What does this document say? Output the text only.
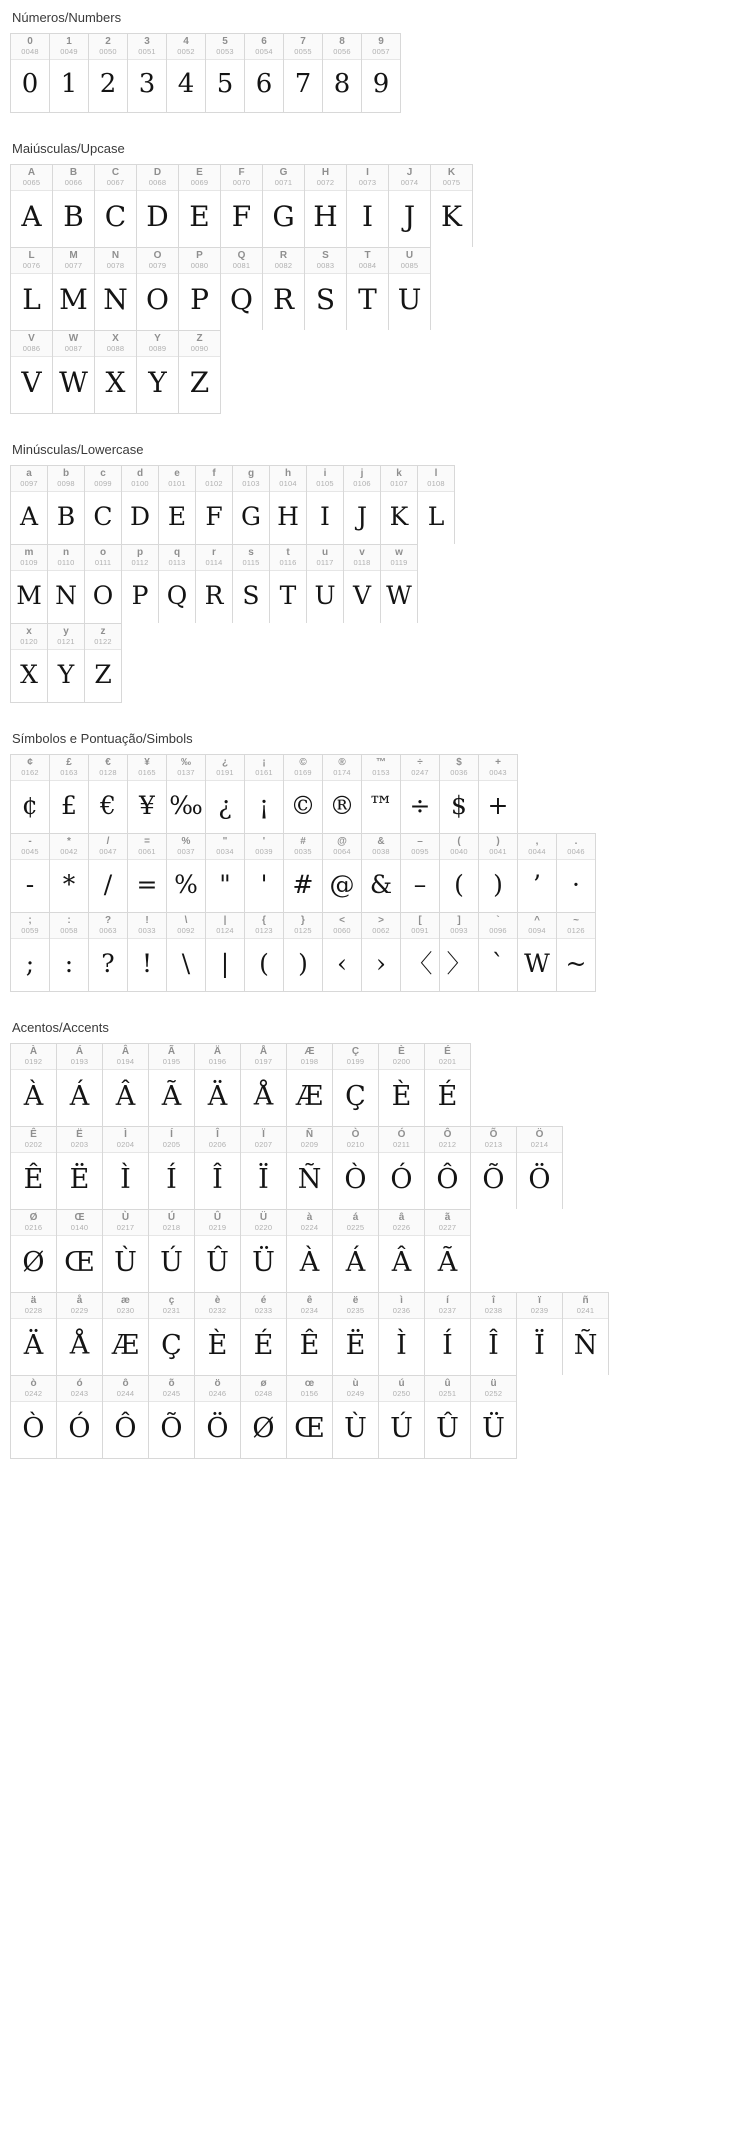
Números/Numbers
0
0048
0
1
0049
1
2
0050
2
3
0051
3
4
0052
4
5
0053
5
6
0054
6
7
0055
7
8
0056
8
9
0057
9
Maiúsculas/Upcase
A
0065
A
B
0066
B
C
0067
C
D
0068
D
E
0069
E
F
0070
F
G
0071
G
H
0072
H
I
0073
I
J
0074
J
K
0075
K
L
0076
L
M
0077
M
N
0078
N
O
0079
O
P
0080
P
Q
0081
Q
R
0082
R
S
0083
S
T
0084
T
U
0085
U
V
0086
V
W
0087
W
X
0088
X
Y
0089
Y
Z
0090
Z
Minúsculas/Lowercase
a
0097
A
b
0098
B
c
0099
C
d
0100
D
e
0101
E
f
0102
F
g
0103
G
h
0104
H
i
0105
I
j
0106
J
k
0107
K
l
0108
L
m
0109
M
n
0110
N
o
0111
O
p
0112
P
q
0113
Q
r
0114
R
s
0115
S
t
0116
T
u
0117
U
v
0118
V
w
0119
W
x
0120
X
y
0121
Y
z
0122
Z
Símbolos e Pontuação/Simbols
¢
0162
¢
£
0163
£
€
0128
€
¥
0165
¥
‰
0137
‰
¿
0191
¿
¡
0161
¡
©
0169
©
®
0174
®
™
0153
™
÷
0247
÷
$
0036
$
+
0043
+
-
0045
-
*
0042
*
/
0047
/
=
0061
=
%
0037
%
"
0034
"
'
0039
'
#
0035
#
@
0064
@
&
0038
&
–
0095
–
(
0040
(
)
0041
)
,
0044
’
.
0046
·
;
0059
;
:
0058
:
?
0063
?
!
0033
!
\
0092
\
|
0124
|
{
0123
(
}
0125
)
<
0060
‹
>
0062
›
[
0091
〈
]
0093
〉
`
0096
`
^
0094
W
~
0126
~
Acentos/Accents
À
0192
À
Á
0193
Á
Â
0194
Â
Ã
0195
Ã
Ä
0196
Ä
Å
0197
Å
Æ
0198
Æ
Ç
0199
Ç
È
0200
È
É
0201
É
Ê
0202
Ê
Ë
0203
Ë
Ì
0204
Ì
Í
0205
Í
Î
0206
Î
Ï
0207
Ï
Ñ
0209
Ñ
Ò
0210
Ò
Ó
0211
Ó
Ô
0212
Ô
Õ
0213
Õ
Ö
0214
Ö
Ø
0216
Ø
Œ
0140
Œ
Ù
0217
Ù
Ú
0218
Ú
Û
0219
Û
Ü
0220
Ü
à
0224
À
á
0225
Á
â
0226
Â
ã
0227
Ã
ä
0228
Ä
å
0229
Å
æ
0230
Æ
ç
0231
Ç
è
0232
È
é
0233
É
ê
0234
Ê
ë
0235
Ë
ì
0236
Ì
í
0237
Í
î
0238
Î
ï
0239
Ï
ñ
0241
Ñ
ò
0242
Ò
ó
0243
Ó
ô
0244
Ô
õ
0245
Õ
ö
0246
Ö
ø
0248
Ø
œ
0156
Œ
ù
0249
Ù
ú
0250
Ú
û
0251
Û
ü
0252
Ü
